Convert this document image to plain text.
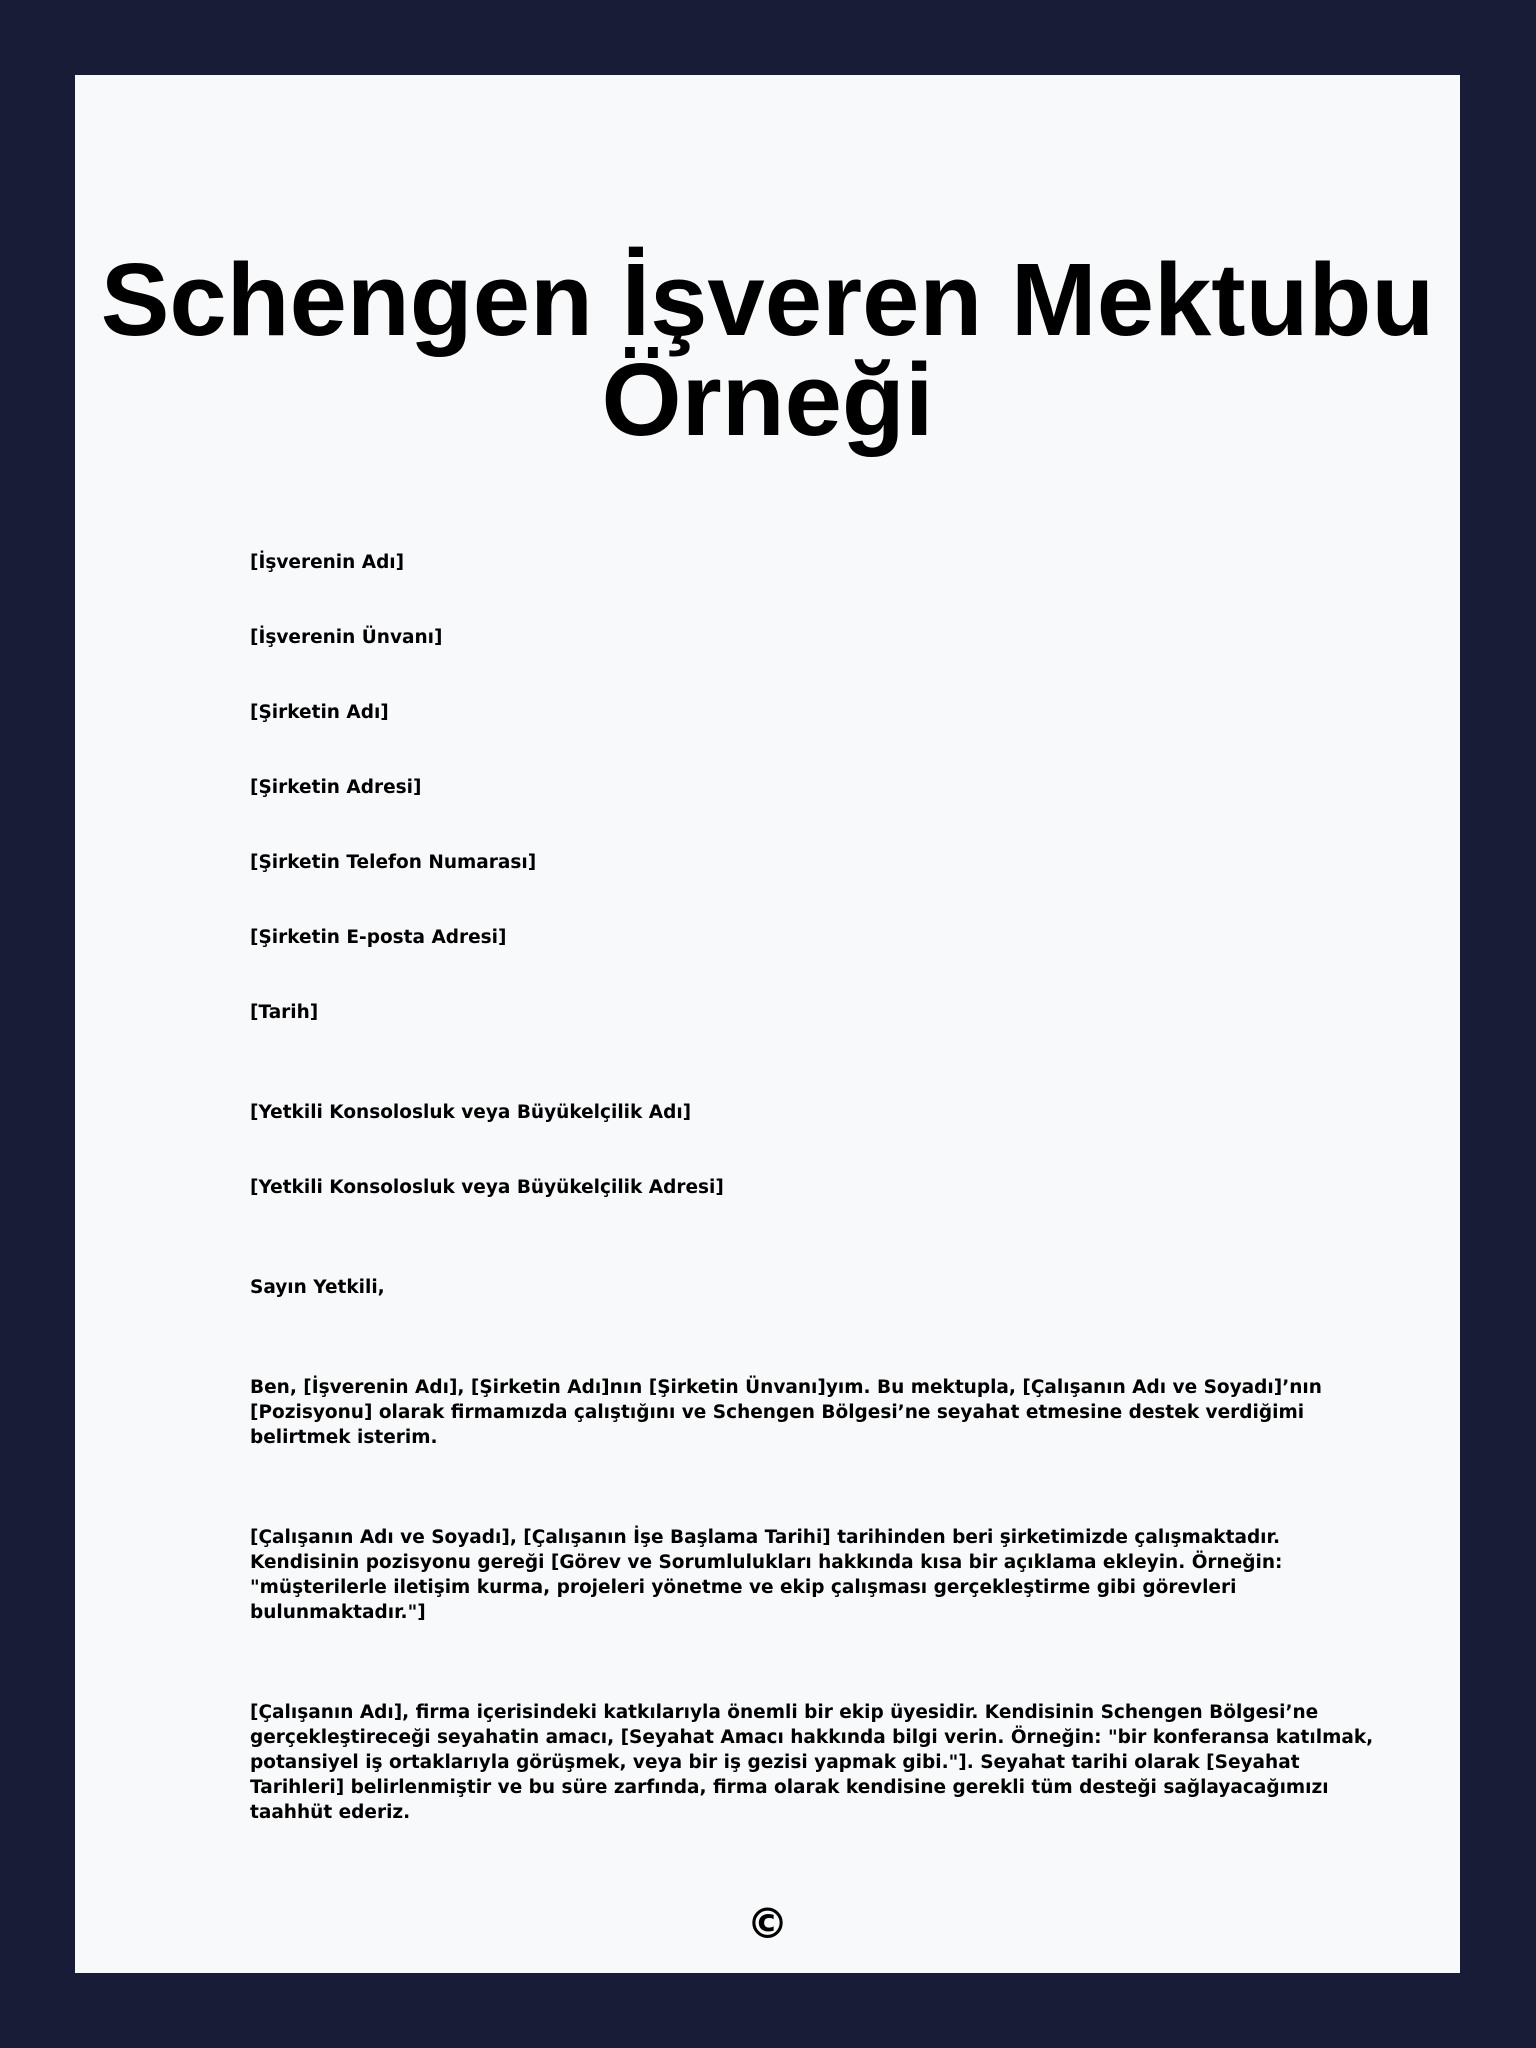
Schengen İşveren Mektubu
Örneği

[İşverenin Adı]

[İşverenin Ünvanı]

[Şirketin Adı]

[Şirketin Adresi]

[Şirketin Telefon Numarası]

[Şirketin E-posta Adresi]

[Tarih]

[Yetkili Konsolosluk veya Büyükelçilik Adı]

[Yetkili Konsolosluk veya Büyükelçilik Adresi]

Sayın Yetkili,

Ben, [İşverenin Adı], [Şirketin Adı]nın [Şirketin Ünvanı]yım. Bu mektupla, [Çalışanın Adı ve Soyadı]’nın
[Pozisyonu] olarak firmamızda çalıştığını ve Schengen Bölgesi’ne seyahat etmesine destek verdiğimi
belirtmek isterim.
[Çalışanın Adı ve Soyadı], [Çalışanın İşe Başlama Tarihi] tarihinden beri şirketimizde çalışmaktadır.
Kendisinin pozisyonu gereği [Görev ve Sorumlulukları hakkında kısa bir açıklama ekleyin. Örneğin:
"müşterilerle iletişim kurma, projeleri yönetme ve ekip çalışması gerçekleştirme gibi görevleri
bulunmaktadır."]
[Çalışanın Adı], firma içerisindeki katkılarıyla önemli bir ekip üyesidir. Kendisinin Schengen Bölgesi’ne
gerçekleştireceği seyahatin amacı, [Seyahat Amacı hakkında bilgi verin. Örneğin: "bir konferansa katılmak,
potansiyel iş ortaklarıyla görüşmek, veya bir iş gezisi yapmak gibi."]. Seyahat tarihi olarak [Seyahat
Tarihleri] belirlenmiştir ve bu süre zarfında, firma olarak kendisine gerekli tüm desteği sağlayacağımızı
taahhüt ederiz.
©
